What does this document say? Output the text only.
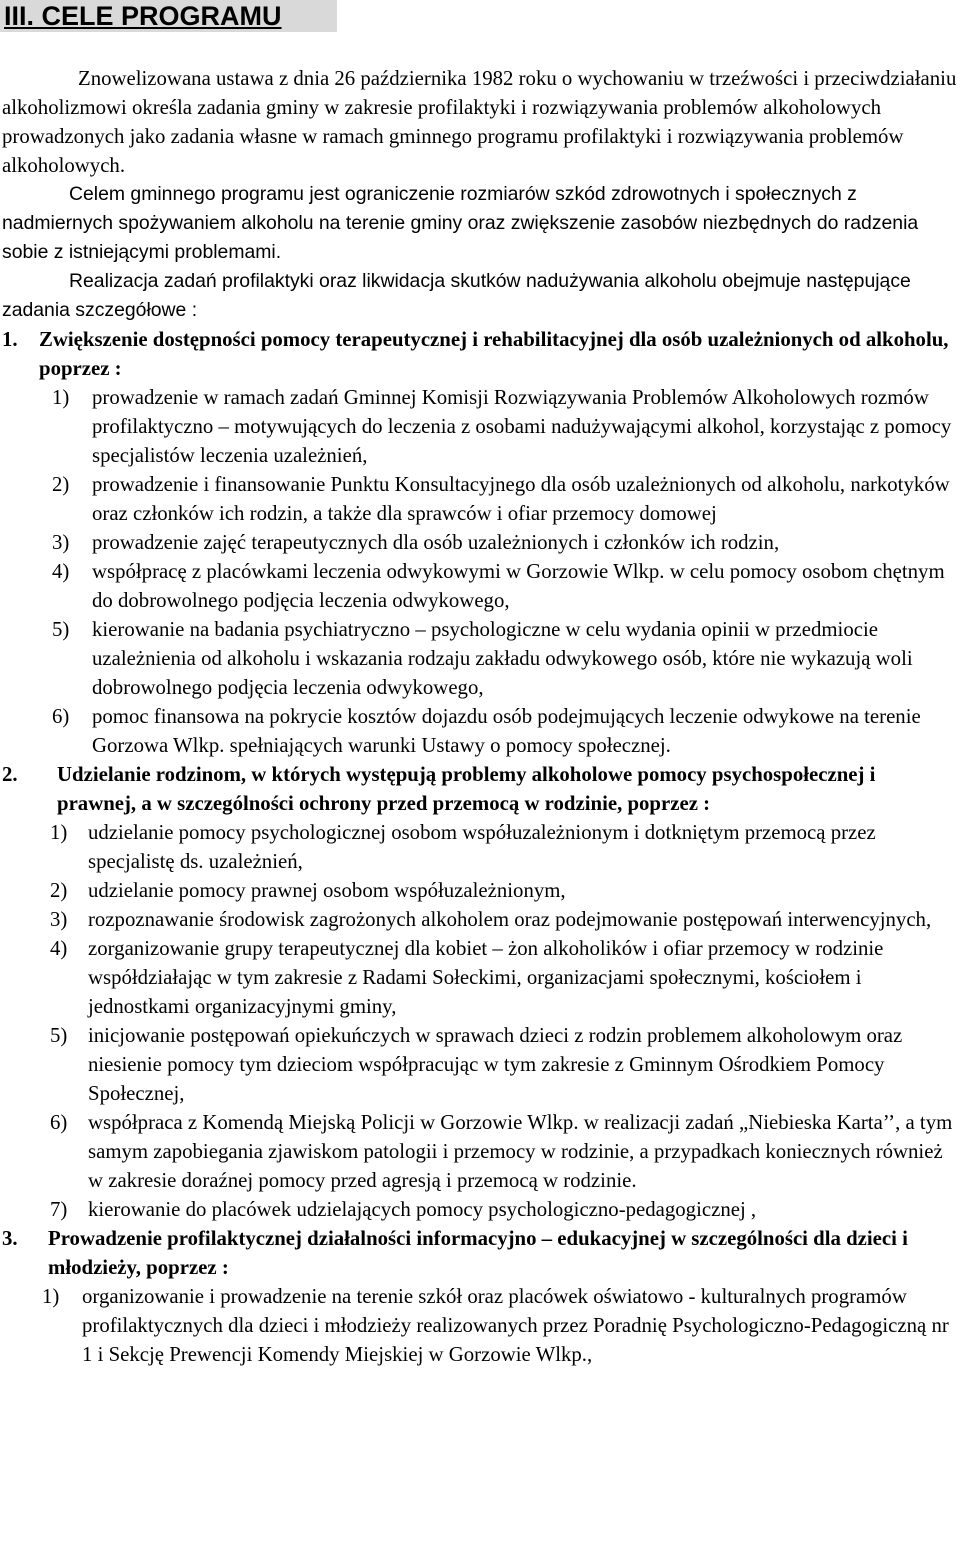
III. CELE PROGRAMU

Znowelizowana ustawa z dnia 26 października 1982 roku o wychowaniu w trzeźwości i przeciwdziałaniu alkoholizmowi określa zadania gminy w zakresie profilaktyki i rozwiązywania problemów alkoholowych prowadzonych jako zadania własne w ramach gminnego programu profilaktyki i rozwiązywania problemów alkoholowych.

Celem gminnego programu jest ograniczenie rozmiarów szkód zdrowotnych i społecznych z nadmiernych spożywaniem alkoholu na terenie gminy oraz zwiększenie zasobów niezbędnych do radzenia sobie z istniejącymi problemami.

Realizacja zadań profilaktyki oraz likwidacja skutków nadużywania alkoholu obejmuje następujące zadania szczegółowe :

1.	Zwiększenie dostępności pomocy terapeutycznej i rehabilitacyjnej dla osób uzależnionych od alkoholu, poprzez :
1)	prowadzenie w ramach zadań Gminnej Komisji Rozwiązywania Problemów Alkoholowych rozmów profilaktyczno – motywujących do leczenia z osobami nadużywającymi alkohol, korzystając z pomocy specjalistów leczenia uzależnień,
2)	prowadzenie i finansowanie Punktu Konsultacyjnego dla osób uzależnionych od alkoholu, narkotyków oraz członków ich rodzin, a także dla sprawców i ofiar przemocy domowej
3)	prowadzenie zajęć terapeutycznych dla osób uzależnionych i członków ich rodzin,
4)	współpracę z placówkami leczenia odwykowymi w Gorzowie Wlkp. w celu pomocy osobom chętnym do dobrowolnego podjęcia leczenia odwykowego,
5)	kierowanie na badania psychiatryczno – psychologiczne w celu wydania opinii w przedmiocie uzależnienia od alkoholu i wskazania rodzaju zakładu odwykowego osób, które nie wykazują woli dobrowolnego podjęcia leczenia odwykowego,
6)	pomoc finansowa na pokrycie kosztów dojazdu osób podejmujących leczenie odwykowe na terenie Gorzowa Wlkp. spełniających warunki Ustawy o pomocy społecznej.
2.	Udzielanie rodzinom, w których występują problemy alkoholowe pomocy psychospołecznej i prawnej, a w szczególności ochrony przed przemocą w rodzinie, poprzez :
1) udzielanie pomocy psychologicznej osobom współuzależnionym i dotkniętym przemocą przez specjalistę ds. uzależnień,
2) udzielanie pomocy prawnej osobom współuzależnionym,
3) rozpoznawanie środowisk zagrożonych alkoholem oraz podejmowanie postępowań interwencyjnych,
4) zorganizowanie grupy terapeutycznej dla kobiet – żon alkoholików i ofiar przemocy w rodzinie współdziałając w tym zakresie z Radami Sołeckimi, organizacjami społecznymi, kościołem i jednostkami organizacyjnymi gminy,
5) inicjowanie postępowań opiekuńczych w sprawach dzieci z rodzin problemem alkoholowym oraz niesienie pomocy tym dzieciom współpracując w tym zakresie z Gminnym Ośrodkiem Pomocy Społecznej,
6) współpraca z Komendą Miejską Policji w Gorzowie Wlkp. w realizacji zadań „Niebieska Karta’’, a tym samym zapobiegania zjawiskom patologii i przemocy w rodzinie, a przypadkach koniecznych również w zakresie doraźnej pomocy przed agresją i przemocą w rodzinie.
7) kierowanie do placówek udzielających pomocy psychologiczno-pedagogicznej ,
3.	Prowadzenie profilaktycznej działalności informacyjno – edukacyjnej w szczególności dla dzieci i młodzieży, poprzez :
1)	organizowanie i prowadzenie na terenie szkół oraz placówek oświatowo - kulturalnych programów profilaktycznych dla dzieci i młodzieży realizowanych przez Poradnię Psychologiczno-Pedagogiczną nr 1 i Sekcję Prewencji Komendy Miejskiej w Gorzowie Wlkp.,
